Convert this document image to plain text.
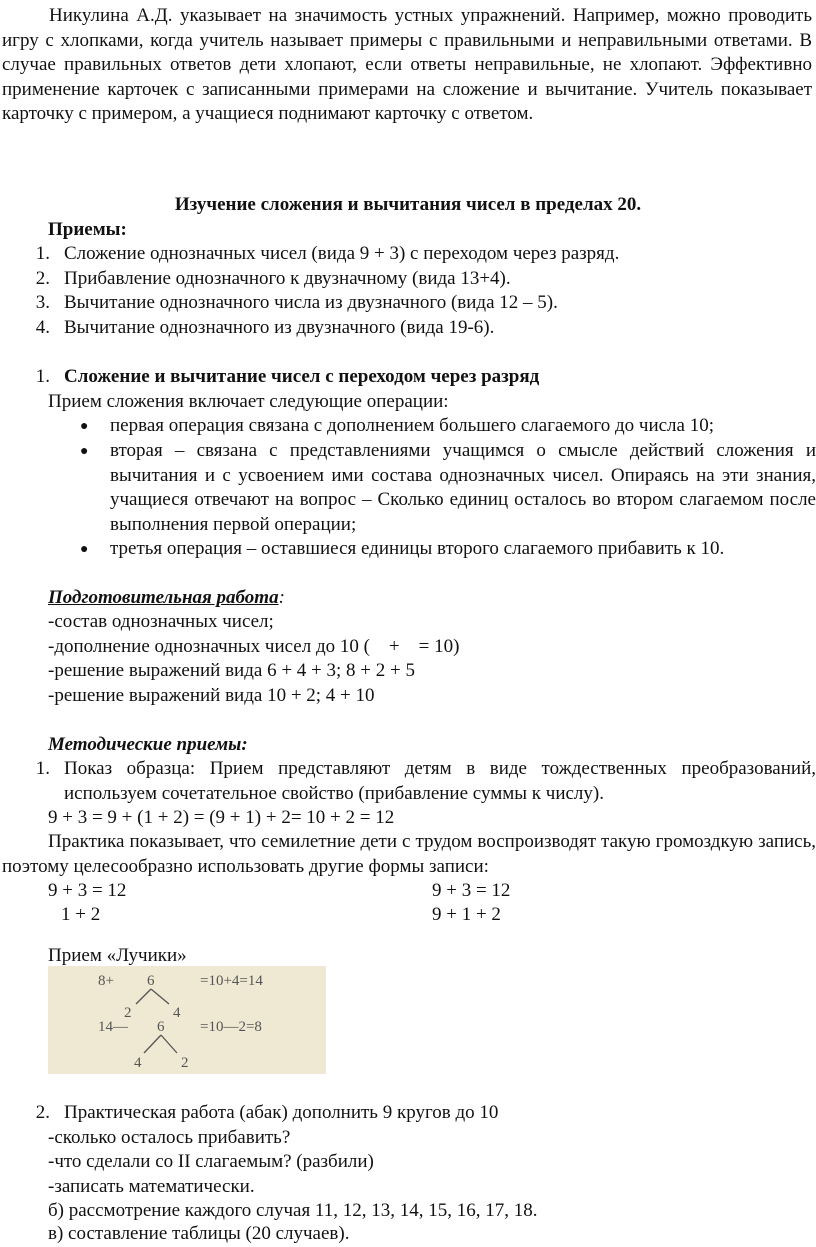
Никулина А.Д. указывает на значимость устных упражнений. Например, можно проводить игру с хлопками, когда учитель называет примеры с правильными и неправильными ответами. В случае правильных ответов дети хлопают, если ответы неправильные, не хлопают. Эффективно применение карточек с записанными примерами на сложение и вычитание. Учитель показывает карточку с примером, а учащиеся поднимают карточку с ответом.

Изучение сложения и вычитания чисел в пределах 20.
Приемы:
1. Сложение однозначных чисел (вида 9 + 3) с переходом через разряд.
2. Прибавление однозначного к двузначному (вида 13+4).
3. Вычитание однозначного числа из двузначного (вида 12 – 5).
4. Вычитание однозначного из двузначного (вида 19-6).
1. Сложение и вычитание чисел с переходом через разряд
Прием сложения включает следующие операции:
● первая операция связана с дополнением большего слагаемого до числа 10;

● вторая – связана с представлениями учащимся о смысле действий сложения и вычитания и с усвоением ими состава однозначных чисел. Опираясь на эти знания, учащиеся отвечают на вопрос – Сколько единиц осталось во втором слагаемом после выполнения первой операции;

● третья операция – оставшиеся единицы второго слагаемого прибавить к 10.

Подготовительная работа:
-состав однозначных чисел;
-дополнение однозначных чисел до 10 (    +    = 10)
-решение выражений вида 6 + 4 + 3; 8 + 2 + 5
-решение выражений вида 10 + 2; 4 + 10
Методические приемы:
1. Показ образца: Прием представляют детям в виде тождественных преобразований, используем сочетательное свойство (прибавление суммы к числу).

9 + 3 = 9 + (1 + 2) = (9 + 1) + 2= 10 + 2 = 12

Практика показывает, что семилетние дети с трудом воспроизводят такую громоздкую запись, поэтому целесообразно использовать другие формы записи:

9 + 3 = 12	9 + 3 = 12
1 + 2	9 + 1 + 2
Прием «Лучики»
8+ 6	=10+4=14
2	4
14— 6 =10—2=8
4	2
2. Практическая работа (абак) дополнить 9 кругов до 10
-сколько осталось прибавить?
-что сделали со II слагаемым? (разбили)
-записать математически.
б) рассмотрение каждого случая 11, 12, 13, 14, 15, 16, 17, 18.
в) составление таблицы (20 случаев).
